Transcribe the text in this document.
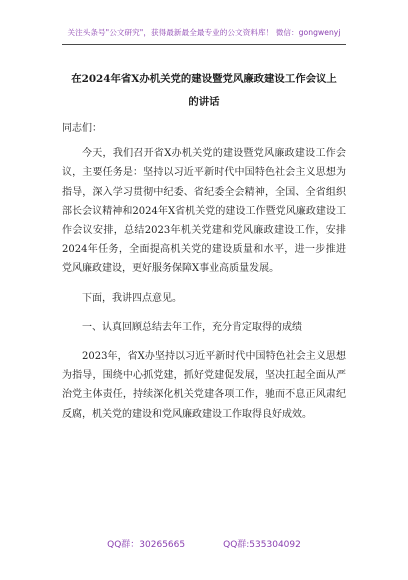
关注头条号"公文研究"，获得最新最全最专业的公文资料库！ 微信：gongwenyj
在2024年省X办机关党的建设暨党风廉政建设工作会议上
的讲话

同志们：

今天，我们召开省X办机关党的建设暨党风廉政建设工作会议，主要任务是：坚持以习近平新时代中国特色社会主义思想为指导，深入学习贯彻中纪委、省纪委全会精神，全国、全省组织部长会议精神和2024年X省机关党的建设工作暨党风廉政建设工作会议安排，总结2023年机关党建和党风廉政建设工作，安排2024年任务，全面提高机关党的建设质量和水平，进一步推进党风廉政建设，更好服务保障X事业高质量发展。

下面，我讲四点意见。

一、认真回顾总结去年工作，充分肯定取得的成绩

2023年，省X办坚持以习近平新时代中国特色社会主义思想为指导，围绕中心抓党建，抓好党建促发展，坚决扛起全面从严治党主体责任，持续深化机关党建各项工作，驰而不息正风肃纪反腐，机关党的建设和党风廉政建设工作取得良好成效。

QQ群：30265665	QQ群:535304092
